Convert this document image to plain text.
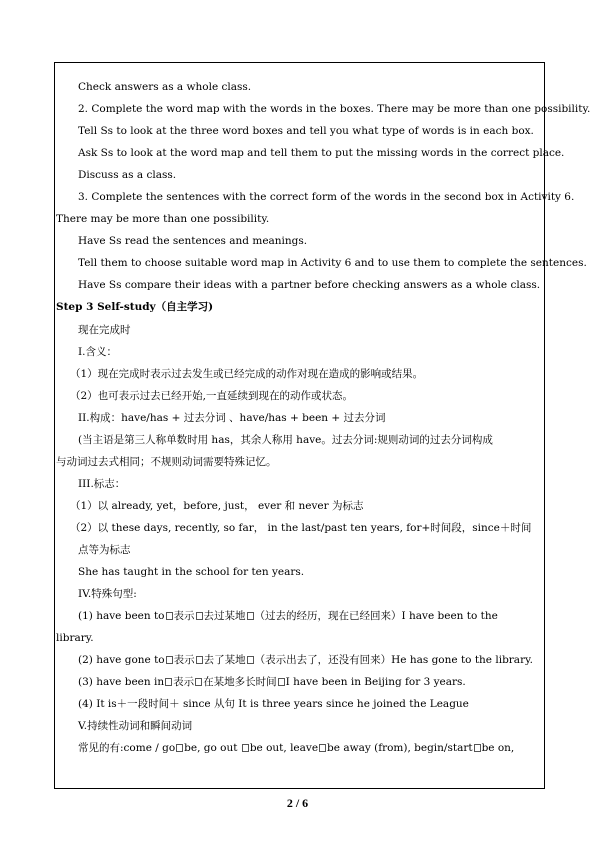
Check answers as a whole class.
2. Complete the word map with the words in the boxes. There may be more than one possibility.
Tell Ss to look at the three word boxes and tell you what type of words is in each box.
Ask Ss to look at the word map and tell them to put the missing words in the correct place.
Discuss as a class.
3. Complete the sentences with the correct form of the words in the second box in Activity 6.
There may be more than one possibility.
Have Ss read the sentences and meanings.
Tell them to choose suitable word map in Activity 6 and to use them to complete the sentences.
Have Ss compare their ideas with a partner before checking answers as a whole class.
Step 3 Self-study（自主学习)
现在完成时
I.含义：
（1）现在完成时表示过去发生或已经完成的动作对现在造成的影响或结果。
（2）也可表示过去已经开始,一直延续到现在的动作或状态。
II.构成：have/has + 过去分词 、have/has + been + 过去分词
(当主语是第三人称单数时用 has，其余人称用 have。过去分词:规则动词的过去分词构成
与动词过去式相同；不规则动词需要特殊记忆。
III.标志：
（1）以 already, yet，before, just， ever 和 never 为标志
（2）以 these days, recently, so far， in the last/past ten years, for+时间段，since＋时间
点等为标志
She has taught in the school for ten years.
IV.特殊句型:
(1) have been to 表示 去过某地 （过去的经历，现在已经回来）I have been to the
library.
(2) have gone to 表示 去了某地 （表示出去了，还没有回来）He has gone to the library.
(3) have been in 表示 在某地多长时间 I have been in Beijing for 3 years.
(4) It is＋一段时间＋ since 从句 It is three years since he joined the League
V.持续性动词和瞬间动词
常见的有:come / go be, go out be out, leave be away (from), begin/start be on,
2 / 6
